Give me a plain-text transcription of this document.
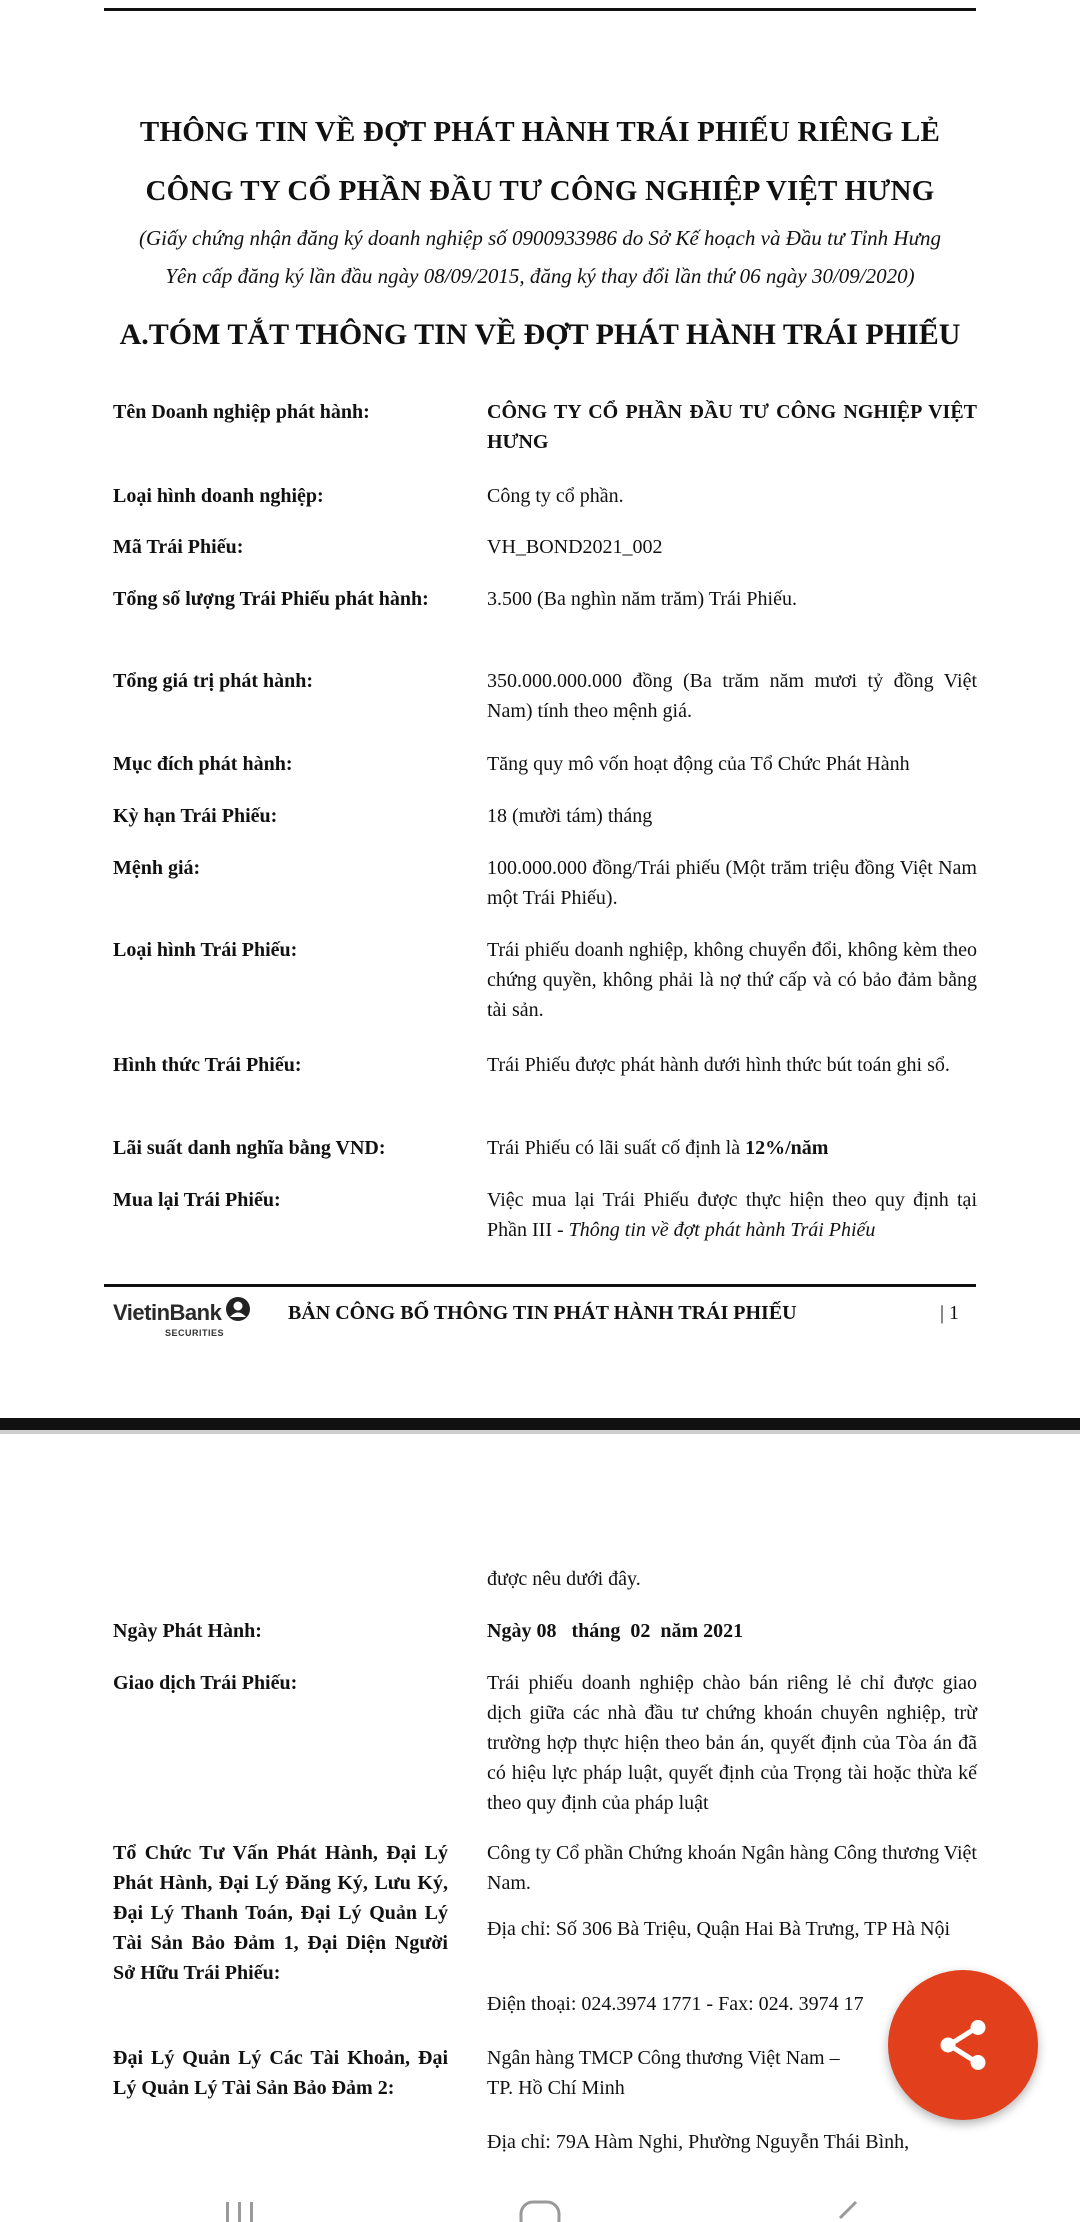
THÔNG TIN VỀ ĐỢT PHÁT HÀNH TRÁI PHIẾU RIÊNG LẺ
CÔNG TY CỔ PHẦN ĐẦU TƯ CÔNG NGHIỆP VIỆT HƯNG
(Giấy chứng nhận đăng ký doanh nghiệp số 0900933986 do Sở Kế hoạch và Đầu tư Tỉnh Hưng
Yên cấp đăng ký lần đầu ngày 08/09/2015, đăng ký thay đổi lần thứ 06 ngày 30/09/2020)
A.TÓM TẮT THÔNG TIN VỀ ĐỢT PHÁT HÀNH TRÁI PHIẾU
Tên Doanh nghiệp phát hành:	CÔNG TY CỔ PHẦN ĐẦU TƯ CÔNG NGHIỆP VIỆT HƯNG
Loại hình doanh nghiệp:	Công ty cổ phần.
Mã Trái Phiếu:	VH_BOND2021_002
Tổng số lượng Trái Phiếu phát hành:	3.500 (Ba nghìn năm trăm) Trái Phiếu.
Tổng giá trị phát hành:	350.000.000.000 đồng (Ba trăm năm mươi tỷ đồng Việt Nam) tính theo mệnh giá.
Mục đích phát hành:	Tăng quy mô vốn hoạt động của Tổ Chức Phát Hành
Kỳ hạn Trái Phiếu:	18 (mười tám) tháng
Mệnh giá:	100.000.000 đồng/Trái phiếu (Một trăm triệu đồng Việt Nam một Trái Phiếu).
Loại hình Trái Phiếu:	Trái phiếu doanh nghiệp, không chuyển đổi, không kèm theo chứng quyền, không phải là nợ thứ cấp và có bảo đảm bằng tài sản.
Hình thức Trái Phiếu:	Trái Phiếu được phát hành dưới hình thức bút toán ghi sổ.
Lãi suất danh nghĩa bằng VND:	Trái Phiếu có lãi suất cố định là 12%/năm
Mua lại Trái Phiếu:	Việc mua lại Trái Phiếu được thực hiện theo quy định tại Phần III - Thông tin về đợt phát hành Trái Phiếu
VietinBank
SECURITIES
BẢN CÔNG BỐ THÔNG TIN PHÁT HÀNH TRÁI PHIẾU	| 1
được nêu dưới đây.
Ngày Phát Hành:	Ngày 08   tháng  02  năm 2021
Giao dịch Trái Phiếu:	Trái phiếu doanh nghiệp chào bán riêng lẻ chỉ được giao dịch giữa các nhà đầu tư chứng khoán chuyên nghiệp, trừ trường hợp thực hiện theo bản án, quyết định của Tòa án đã có hiệu lực pháp luật, quyết định của Trọng tài hoặc thừa kế theo quy định của pháp luật
Tổ Chức Tư Vấn Phát Hành, Đại Lý Phát Hành, Đại Lý Đăng Ký, Lưu Ký, Đại Lý Thanh Toán, Đại Lý Quản Lý Tài Sản Bảo Đảm 1, Đại Diện Người Sở Hữu Trái Phiếu:
Công ty Cổ phần Chứng khoán Ngân hàng Công thương Việt Nam.
Địa chỉ: Số 306 Bà Triệu, Quận Hai Bà Trưng, TP Hà Nội
Điện thoại: 024.3974 1771 - Fax: 024. 3974 17
Đại Lý Quản Lý Các Tài Khoản, Đại Lý Quản Lý Tài Sản Bảo Đảm 2:
Ngân hàng TMCP Công thương Việt Nam –
TP. Hồ Chí Minh
Địa chỉ: 79A Hàm Nghi, Phường Nguyễn Thái Bình,
